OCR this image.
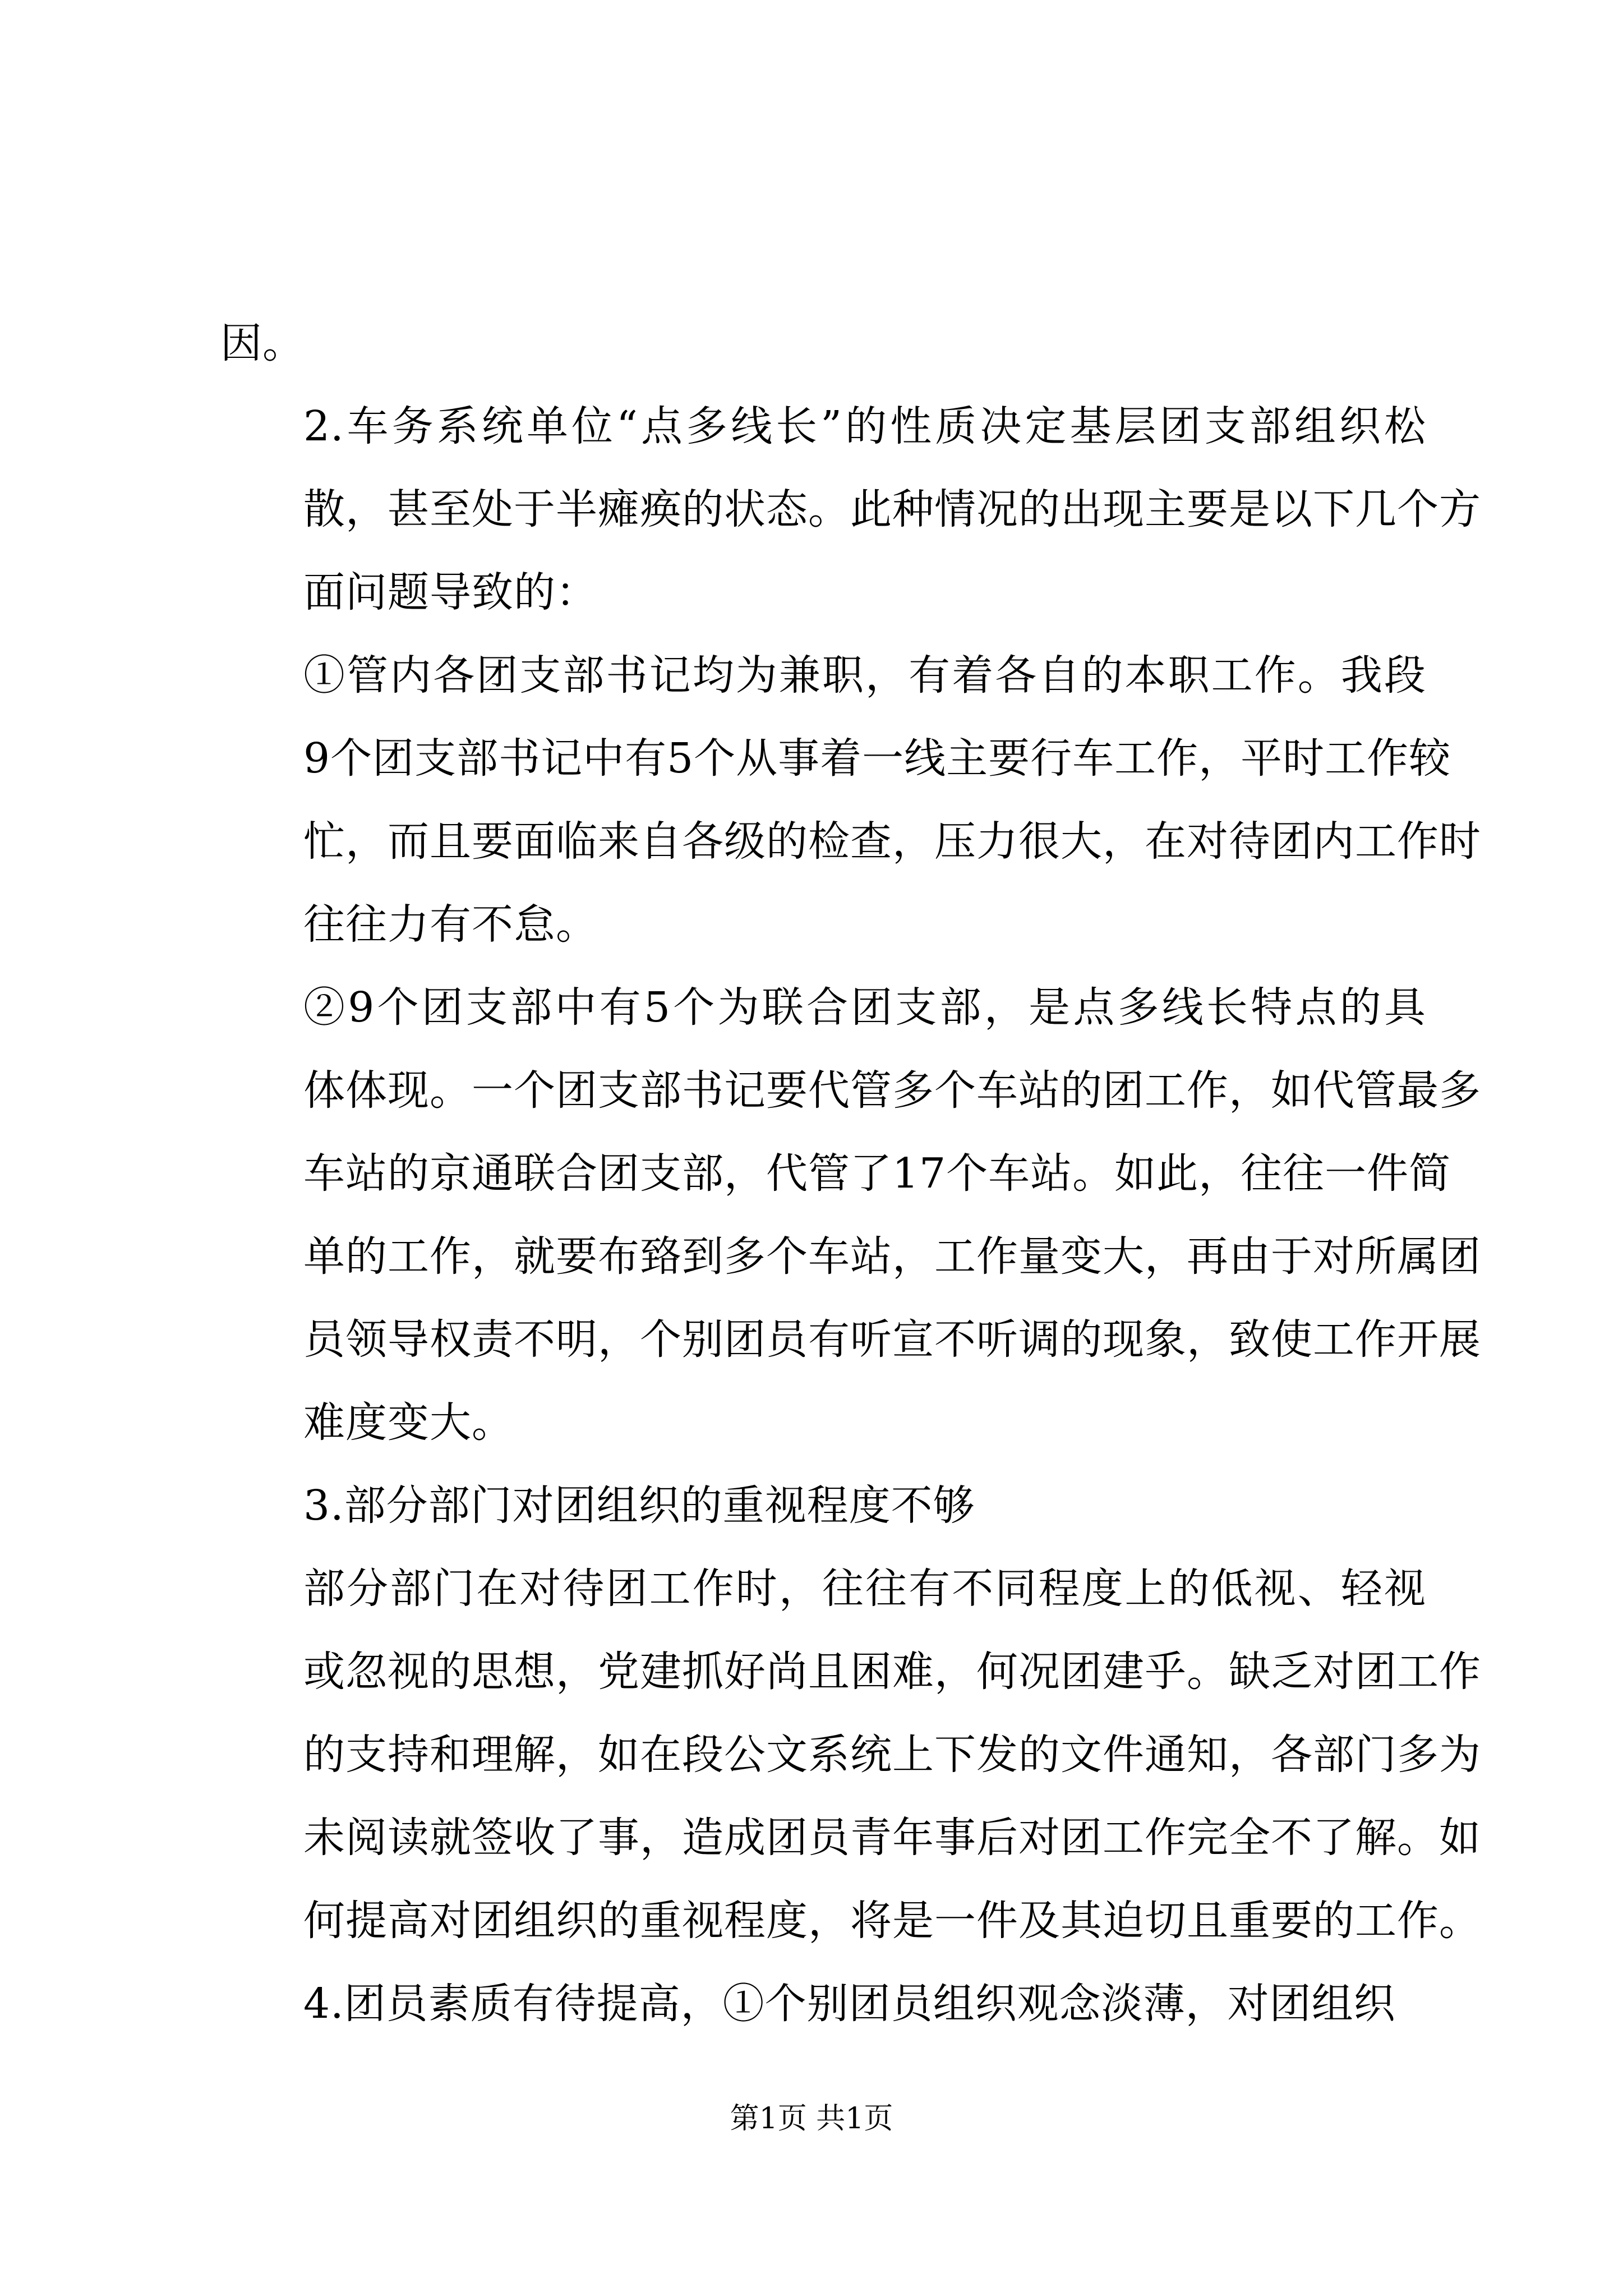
因。
2.车务系统单位“点多线长”的性质决定基层团支部组织松
散，甚至处于半瘫痪的状态。此种情况的出现主要是以下几个方
面问题导致的：
①管内各团支部书记均为兼职，有着各自的本职工作。我段
9个团支部书记中有5个从事着一线主要行车工作，平时工作较
忙，而且要面临来自各级的检查，压力很大，在对待团内工作时
往往力有不怠。
②9个团支部中有5个为联合团支部，是点多线长特点的具
体体现。一个团支部书记要代管多个车站的团工作，如代管最多
车站的京通联合团支部，代管了17个车站。如此，往往一件简
单的工作，就要布臵到多个车站，工作量变大，再由于对所属团
员领导权责不明，个别团员有听宣不听调的现象，致使工作开展
难度变大。
3.部分部门对团组织的重视程度不够
部分部门在对待团工作时，往往有不同程度上的低视、轻视
或忽视的思想，党建抓好尚且困难，何况团建乎。缺乏对团工作
的支持和理解，如在段公文系统上下发的文件通知，各部门多为
未阅读就签收了事，造成团员青年事后对团工作完全不了解。如
何提高对团组织的重视程度，将是一件及其迫切且重要的工作。
4.团员素质有待提高，①个别团员组织观念淡薄，对团组织
第1页 共1页
